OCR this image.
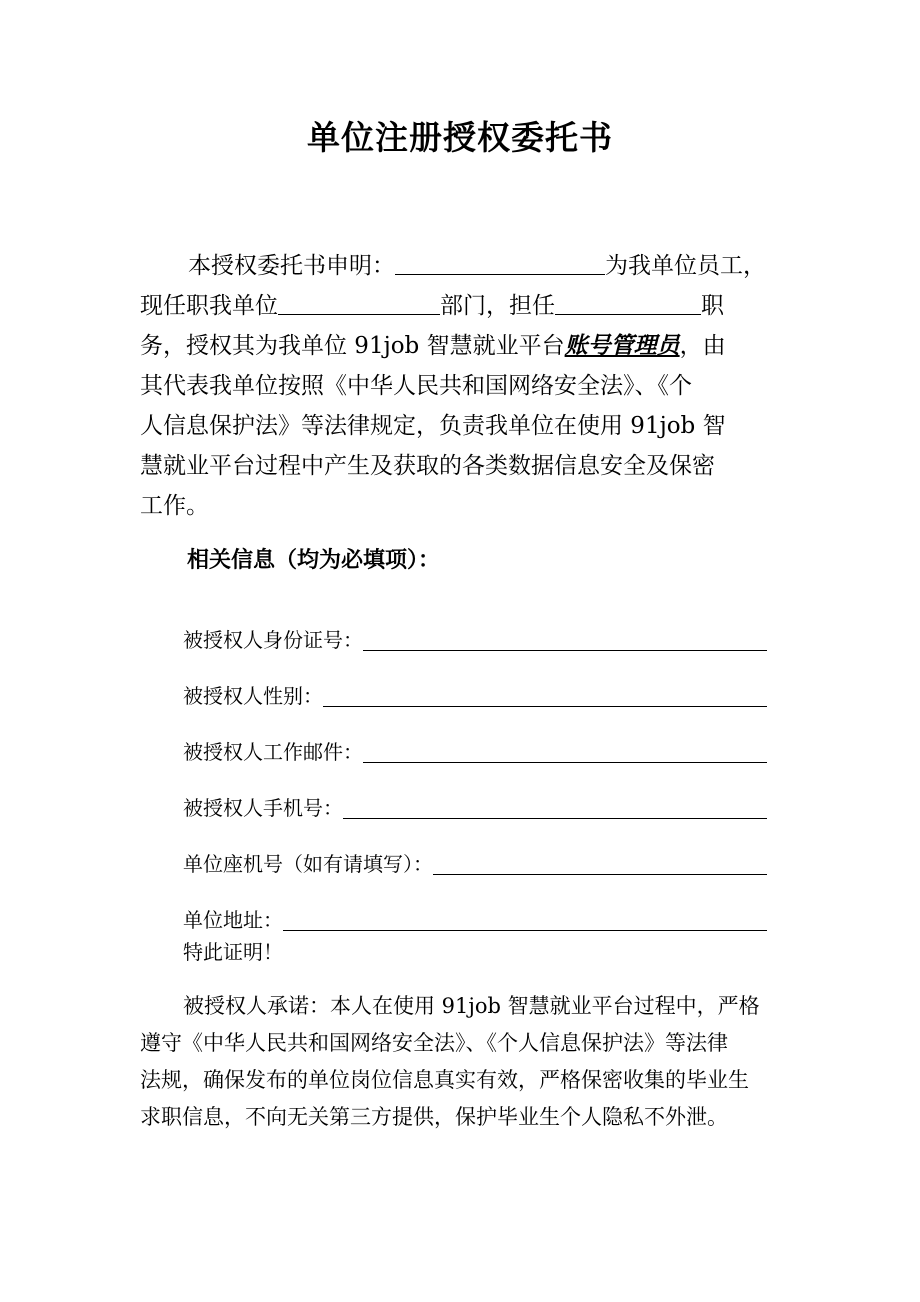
单位注册授权委托书
本授权委托书申明：	为我单位员工，
现任职我单位	部门，担任	职
务，授权其为我单位 91job 智慧就业平台账号管理员，由
其代表我单位按照《中华人民共和国网络安全法》、《个
人信息保护法》等法律规定，负责我单位在使用 91job 智
慧就业平台过程中产生及获取的各类数据信息安全及保密
工作。
相关信息（均为必填项）：
被授权人身份证号：
被授权人性别：
被授权人工作邮件：
被授权人手机号：
单位座机号（如有请填写）：
单位地址：

特此证明！

被授权人承诺：本人在使用 91job 智慧就业平台过程中，严格
遵守《中华人民共和国网络安全法》、《个人信息保护法》等法律
法规，确保发布的单位岗位信息真实有效，严格保密收集的毕业生
求职信息，不向无关第三方提供，保护毕业生个人隐私不外泄。
